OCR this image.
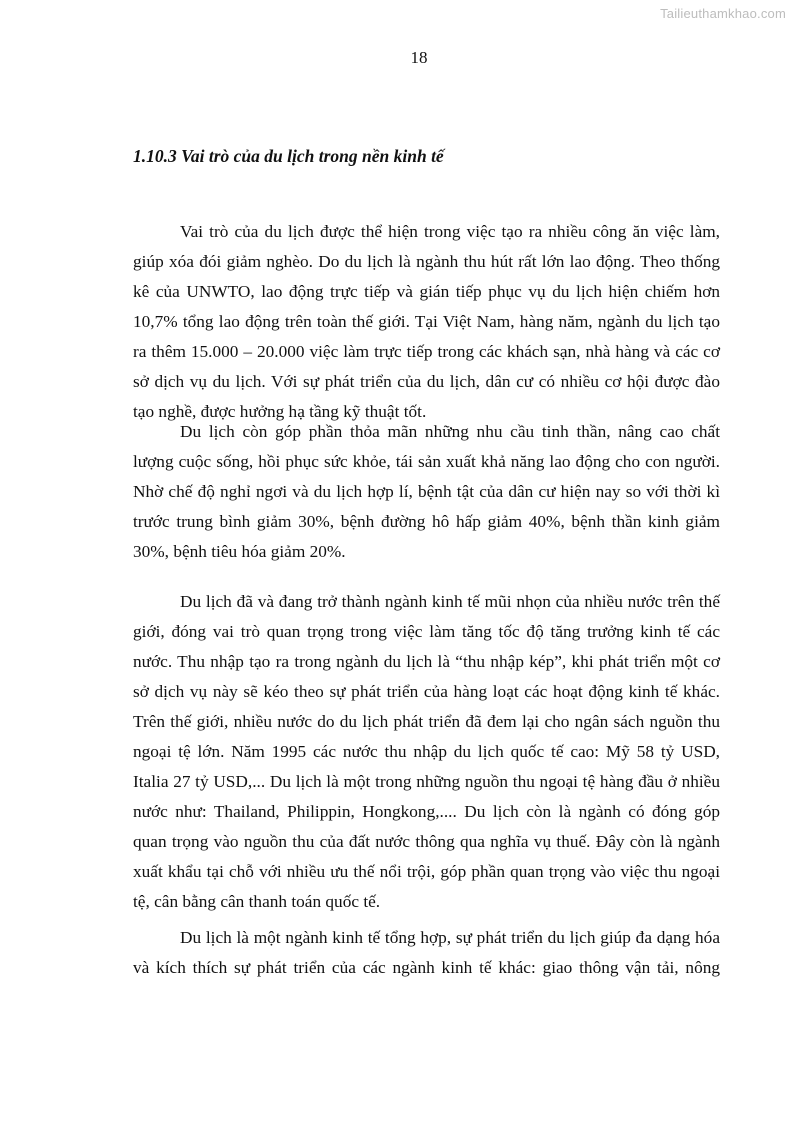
Tailieuthamkhao.com
18
1.10.3 Vai trò của du lịch trong nền kinh tế
Vai trò của du lịch được thể hiện trong việc tạo ra nhiều công ăn việc làm,
giúp xóa đói giảm nghèo. Do du lịch là ngành thu hút rất lớn lao động. Theo thống
kê của UNWTO, lao động trực tiếp và gián tiếp phục vụ du lịch hiện chiếm hơn
10,7% tổng lao động trên toàn thế giới. Tại Việt Nam, hàng năm, ngành du lịch tạo
ra thêm 15.000 – 20.000 việc làm trực tiếp trong các khách sạn, nhà hàng và các cơ
sở dịch vụ du lịch. Với sự phát triển của du lịch, dân cư có nhiều cơ hội được đào
tạo nghề, được hưởng hạ tầng kỹ thuật tốt.
Du lịch còn góp phần thỏa mãn những nhu cầu tinh thần, nâng cao chất
lượng cuộc sống, hồi phục sức khỏe, tái sản xuất khả năng lao động cho con người.
Nhờ chế độ nghỉ ngơi và du lịch hợp lí, bệnh tật của dân cư hiện nay so với thời kì
trước trung bình giảm 30%, bệnh đường hô hấp giảm 40%, bệnh thần kinh giảm
30%, bệnh tiêu hóa giảm 20%.
Du lịch đã và đang trở thành ngành kinh tế mũi nhọn của nhiều nước trên thế
giới, đóng vai trò quan trọng trong việc làm tăng tốc độ tăng trưởng kinh tế các
nước. Thu nhập tạo ra trong ngành du lịch là “thu nhập kép”, khi phát triển một cơ
sở dịch vụ này sẽ kéo theo sự phát triển của hàng loạt các hoạt động kinh tế khác.
Trên thế giới, nhiều nước do du lịch phát triển đã đem lại cho ngân sách nguồn thu
ngoại tệ lớn. Năm 1995 các nước thu nhập du lịch quốc tế cao: Mỹ 58 tỷ USD,
Italia 27 tỷ USD,... Du lịch là một trong những nguồn thu ngoại tệ hàng đầu ở nhiều
nước như: Thailand, Philippin, Hongkong,.... Du lịch còn là ngành có đóng góp
quan trọng vào nguồn thu của đất nước thông qua nghĩa vụ thuế. Đây còn là ngành
xuất khẩu tại chỗ với nhiều ưu thế nổi trội, góp phần quan trọng vào việc thu ngoại
tệ, cân bằng cân thanh toán quốc tế.
Du lịch là một ngành kinh tế tổng hợp, sự phát triển du lịch giúp đa dạng hóa
và kích thích sự phát triển của các ngành kinh tế khác: giao thông vận tải, nông
